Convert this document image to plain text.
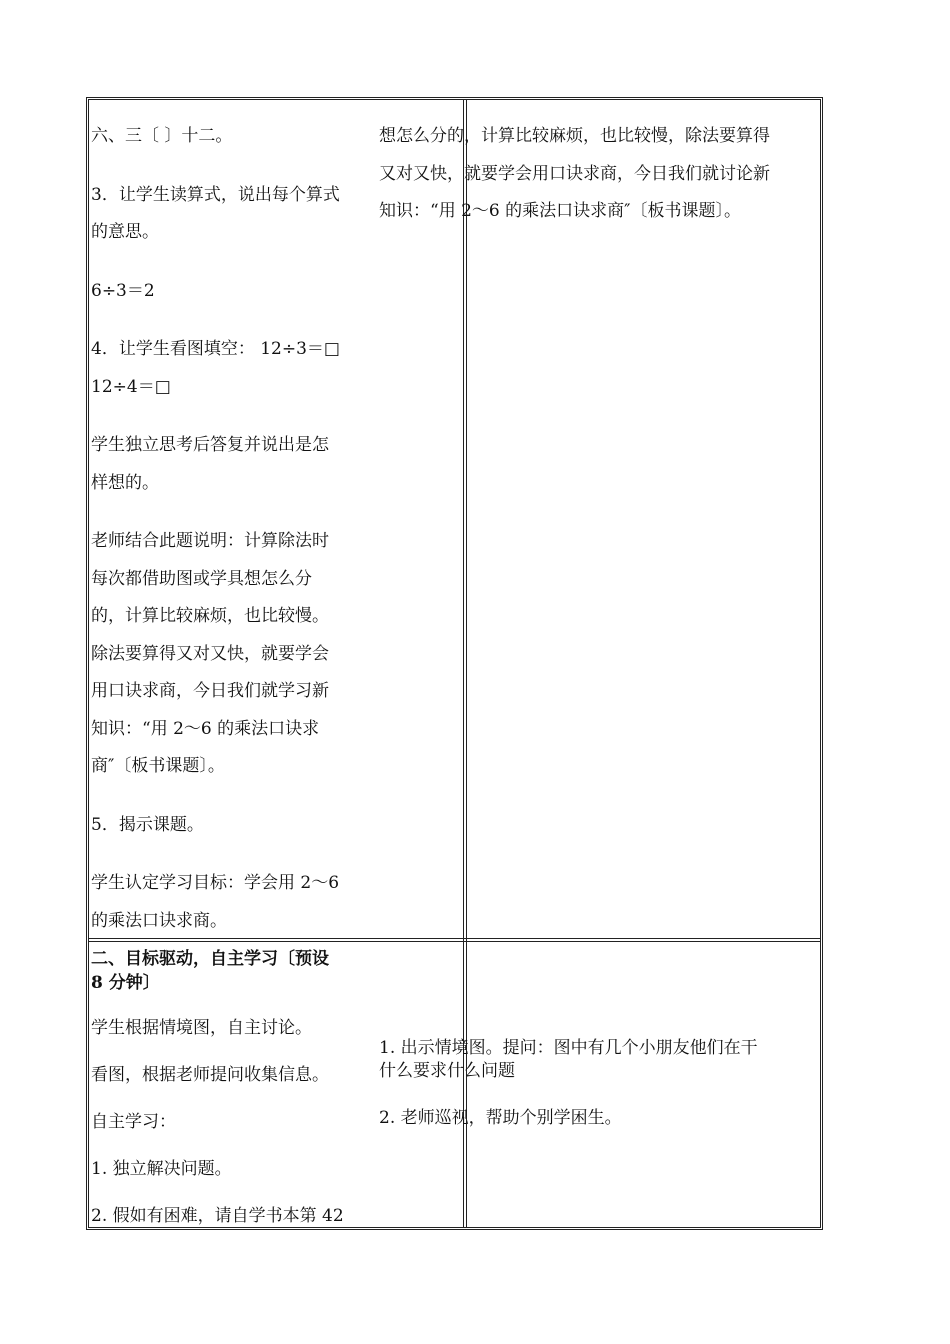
六、三〔 〕十二。

3．让学生读算式，说出每个算式

的意思。

6÷3＝2

4．让学生看图填空： 12÷3＝□

12÷4＝□

学生独立思考后答复并说出是怎

样想的。

老师结合此题说明：计算除法时

每次都借助图或学具想怎么分

的，计算比较麻烦，也比较慢。

除法要算得又对又快，就要学会

用口诀求商，今日我们就学习新

知识：“用 2～6 的乘法口诀求

商″〔板书课题〕。

5．揭示课题。

学生认定学习目标：学会用 2～6

的乘法口诀求商。

想怎么分的，计算比较麻烦，也比较慢，除法要算得

又对又快，就要学会用口诀求商，今日我们就讨论新

知识：“用 2～6 的乘法口诀求商″〔板书课题〕。

二、目标驱动，自主学习〔预设

8 分钟〕

学生根据情境图，自主讨论。

看图，根据老师提问收集信息。

自主学习：

1. 独立解决问题。

2. 假如有困难，请自学书本第 42

1. 出示情境图。提问：图中有几个小朋友他们在干

什么要求什么问题

2. 老师巡视，帮助个别学困生。
